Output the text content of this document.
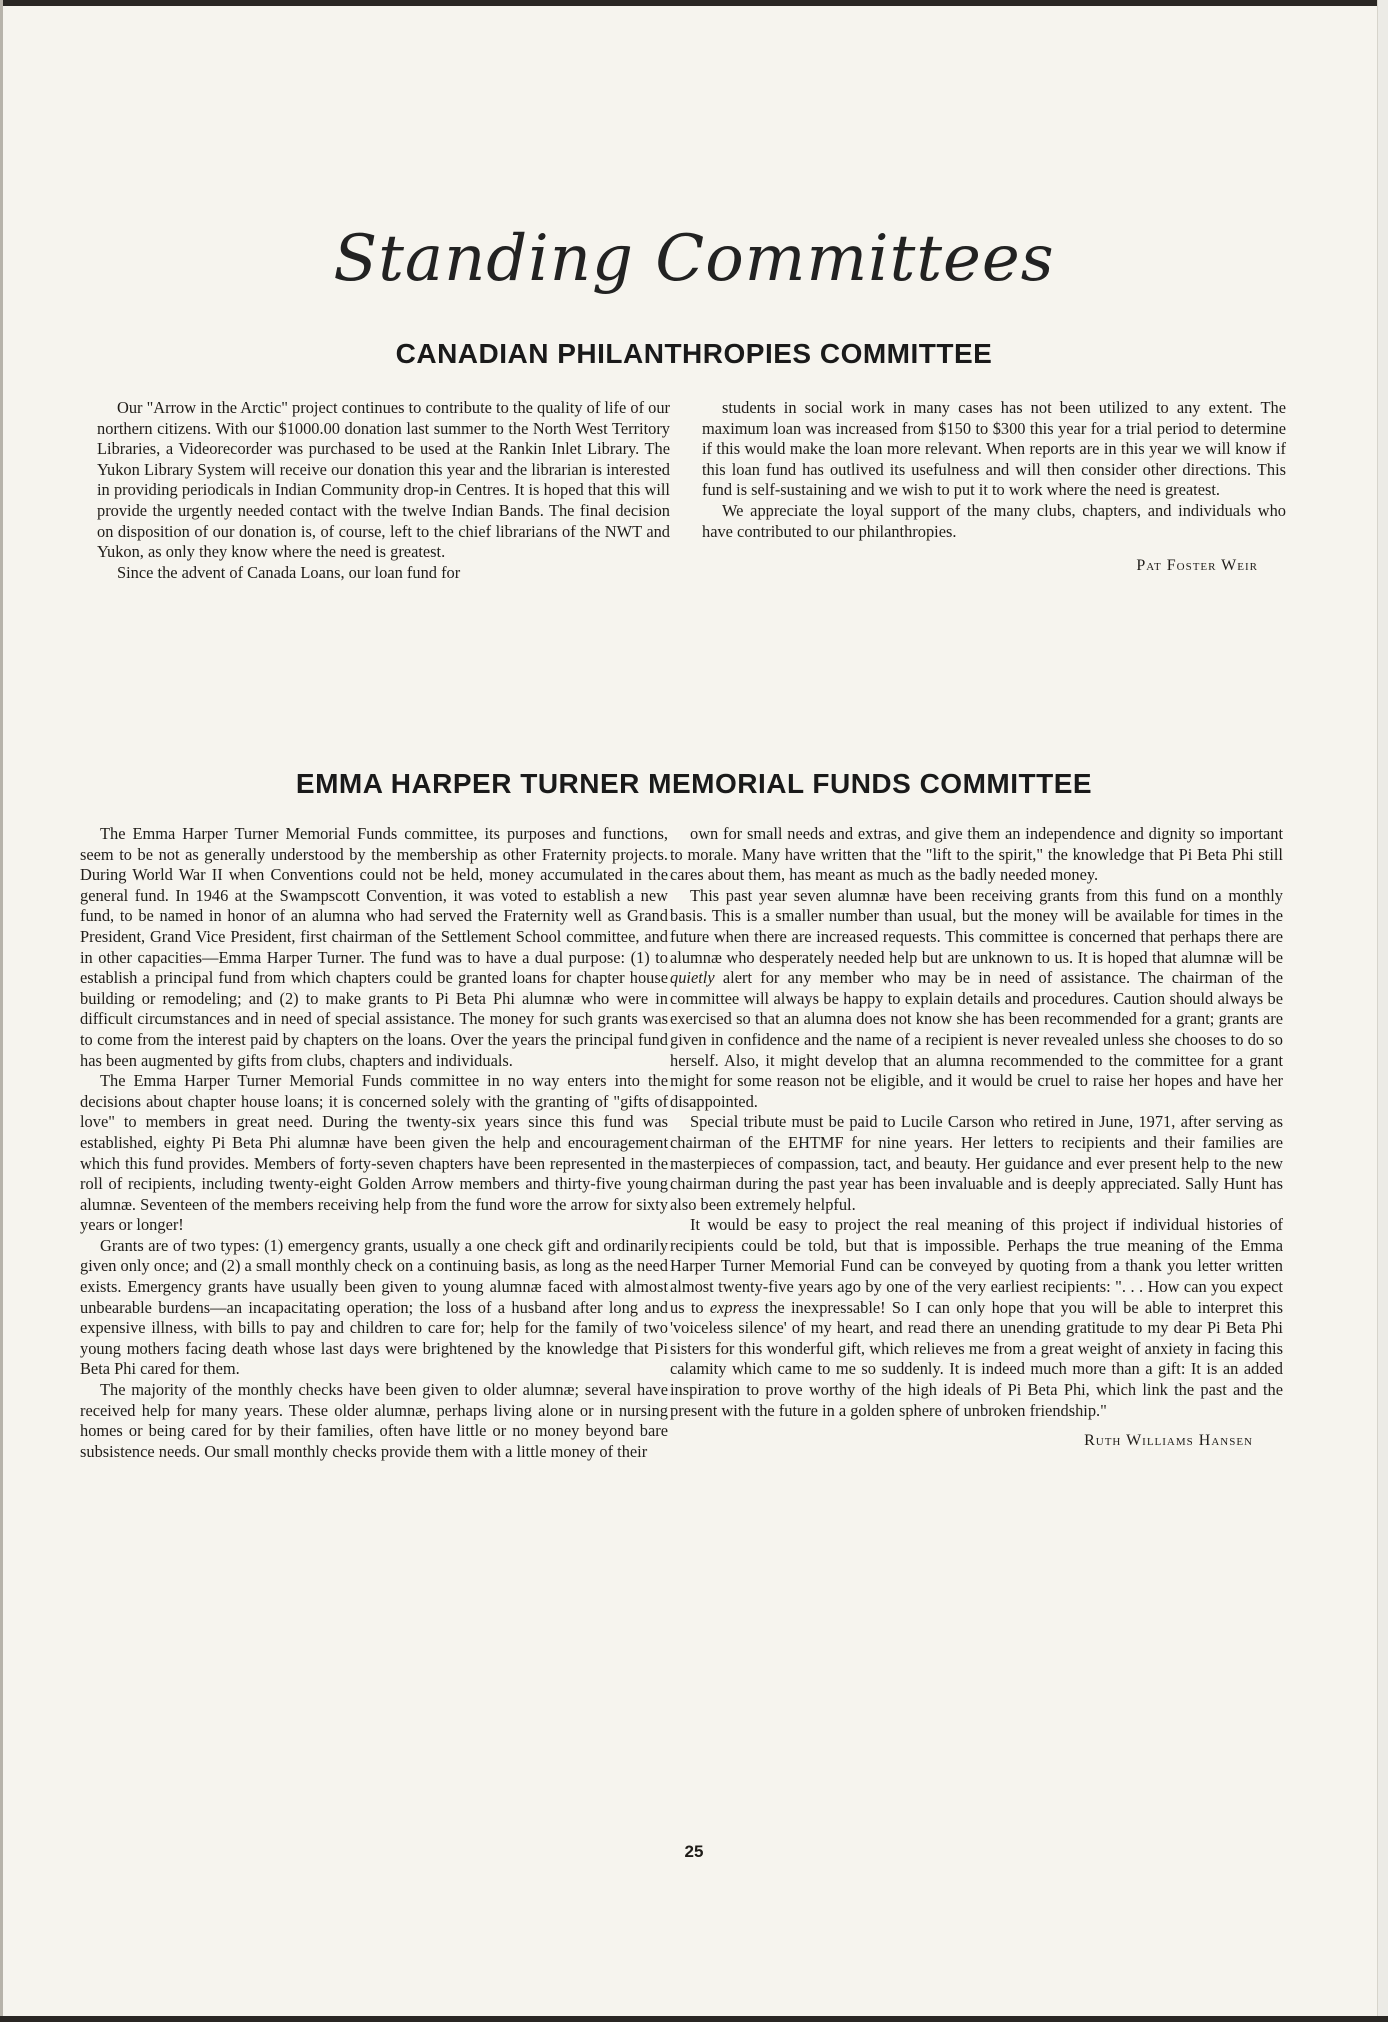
Standing Committees
CANADIAN PHILANTHROPIES COMMITTEE

Our "Arrow in the Arctic" project continues to contribute to the quality of life of our northern citizens. With our $1000.00 donation last summer to the North West Territory Libraries, a Videorecorder was purchased to be used at the Rankin Inlet Library. The Yukon Library System will receive our donation this year and the librarian is interested in providing periodicals in Indian Community drop-in Centres. It is hoped that this will provide the urgently needed contact with the twelve Indian Bands. The final decision on disposition of our donation is, of course, left to the chief librarians of the NWT and Yukon, as only they know where the need is greatest.

Since the advent of Canada Loans, our loan fund for

students in social work in many cases has not been utilized to any extent. The maximum loan was increased from $150 to $300 this year for a trial period to determine if this would make the loan more relevant. When reports are in this year we will know if this loan fund has outlived its usefulness and will then consider other directions. This fund is self-sustaining and we wish to put it to work where the need is greatest.

We appreciate the loyal support of the many clubs, chapters, and individuals who have contributed to our philanthropies.

Pat Foster Weir
EMMA HARPER TURNER MEMORIAL FUNDS COMMITTEE

The Emma Harper Turner Memorial Funds committee, its purposes and functions, seem to be not as generally understood by the membership as other Fraternity projects. During World War II when Conventions could not be held, money accumulated in the general fund. In 1946 at the Swampscott Convention, it was voted to establish a new fund, to be named in honor of an alumna who had served the Fraternity well as Grand President, Grand Vice President, first chairman of the Settlement School committee, and in other capacities—Emma Harper Turner. The fund was to have a dual purpose: (1) to establish a principal fund from which chapters could be granted loans for chapter house building or remodeling; and (2) to make grants to Pi Beta Phi alumnæ who were in difficult circumstances and in need of special assistance. The money for such grants was to come from the interest paid by chapters on the loans. Over the years the principal fund has been augmented by gifts from clubs, chapters and individuals.

The Emma Harper Turner Memorial Funds committee in no way enters into the decisions about chapter house loans; it is concerned solely with the granting of "gifts of love" to members in great need. During the twenty-six years since this fund was established, eighty Pi Beta Phi alumnæ have been given the help and encouragement which this fund provides. Members of forty-seven chapters have been represented in the roll of recipients, including twenty-eight Golden Arrow members and thirty-five young alumnæ. Seventeen of the members receiving help from the fund wore the arrow for sixty years or longer!

Grants are of two types: (1) emergency grants, usually a one check gift and ordinarily given only once; and (2) a small monthly check on a continuing basis, as long as the need exists. Emergency grants have usually been given to young alumnæ faced with almost unbearable burdens—an incapacitating operation; the loss of a husband after long and expensive illness, with bills to pay and children to care for; help for the family of two young mothers facing death whose last days were brightened by the knowledge that Pi Beta Phi cared for them.

The majority of the monthly checks have been given to older alumnæ; several have received help for many years. These older alumnæ, perhaps living alone or in nursing homes or being cared for by their families, often have little or no money beyond bare subsistence needs. Our small monthly checks provide them with a little money of their

own for small needs and extras, and give them an independence and dignity so important to morale. Many have written that the "lift to the spirit," the knowledge that Pi Beta Phi still cares about them, has meant as much as the badly needed money.

This past year seven alumnæ have been receiving grants from this fund on a monthly basis. This is a smaller number than usual, but the money will be available for times in the future when there are increased requests. This committee is concerned that perhaps there are alumnæ who desperately needed help but are unknown to us. It is hoped that alumnæ will be quietly alert for any member who may be in need of assistance. The chairman of the committee will always be happy to explain details and procedures. Caution should always be exercised so that an alumna does not know she has been recommended for a grant; grants are given in confidence and the name of a recipient is never revealed unless she chooses to do so herself. Also, it might develop that an alumna recommended to the committee for a grant might for some reason not be eligible, and it would be cruel to raise her hopes and have her disappointed.

Special tribute must be paid to Lucile Carson who retired in June, 1971, after serving as chairman of the EHTMF for nine years. Her letters to recipients and their families are masterpieces of compassion, tact, and beauty. Her guidance and ever present help to the new chairman during the past year has been invaluable and is deeply appreciated. Sally Hunt has also been extremely helpful.

It would be easy to project the real meaning of this project if individual histories of recipients could be told, but that is impossible. Perhaps the true meaning of the Emma Harper Turner Memorial Fund can be conveyed by quoting from a thank you letter written almost twenty-five years ago by one of the very earliest recipients: ". . . How can you expect us to express the inexpressable! So I can only hope that you will be able to interpret this 'voiceless silence' of my heart, and read there an unending gratitude to my dear Pi Beta Phi sisters for this wonderful gift, which relieves me from a great weight of anxiety in facing this calamity which came to me so suddenly. It is indeed much more than a gift: It is an added inspiration to prove worthy of the high ideals of Pi Beta Phi, which link the past and the present with the future in a golden sphere of unbroken friendship."

Ruth Williams Hansen
25
